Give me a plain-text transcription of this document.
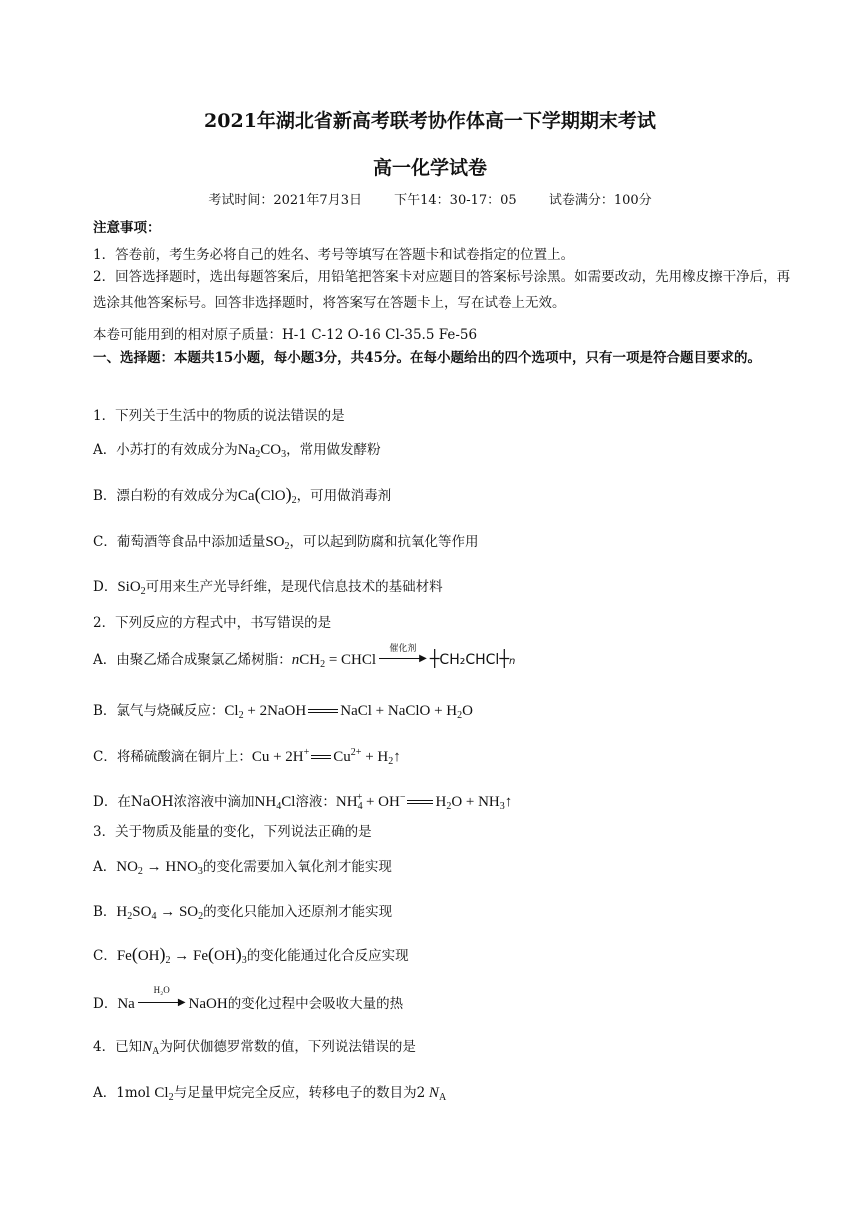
2021年湖北省新高考联考协作体高一下学期期末考试
高一化学试卷
考试时间：2021年7月3日 下午14：30-17：05 试卷满分：100分
注意事项：
1．答卷前，考生务必将自己的姓名、考号等填写在答题卡和试卷指定的位置上。
2．回答选择题时，选出每题答案后，用铅笔把答案卡对应题目的答案标号涂黑。如需要改动，先用橡皮擦干净后，再选涂其他答案标号。回答非选择题时，将答案写在答题卡上，写在试卷上无效。
本卷可能用到的相对原子质量：H-1 C-12 O-16 Cl-35.5 Fe-56
一、选择题：本题共15小题，每小题3分，共45分。在每小题给出的四个选项中，只有一项是符合题目要求的。
1．下列关于生活中的物质的说法错误的是
A．小苏打的有效成分为$Na_2CO_3$，常用做发酵粉
B．漂白粉的有效成分为$Ca(ClO)_2$，可用做消毒剂
C．葡萄酒等食品中添加适量$SO_2$，可以起到防腐和抗氧化等作用
D．SiO$_2$可用来生产光导纤维，是现代信息技术的基础材料
2．下列反应的方程式中，书写错误的是
A．由聚乙烯合成聚氯乙烯树脂：nCH$_2$ = CHCl
催化剂
▶ ┼CH₂CHCl┼n
B．氯气与烧碱反应：$Cl_2$ + 2NaOH NaCl + NaClO + $H_2O$
C．将稀硫酸滴在铜片上：Cu + 2H+ $Cu^{2+}$ + $H_2↑$
D．在NaOH浓溶液中滴加$NH_4Cl$溶液：$NH_4^+ + OH^-$ $H_2O$ + $NH_3↑$
3．关于物质及能量的变化，下列说法正确的是
A．$NO_2 \to HNO_3$的变化需要加入氧化剂才能实现
B．$H_2SO_4 \to SO_2$的变化只能加入还原剂才能实现
C．$Fe(OH)_2 \to Fe(OH)_3$的变化能通过化合反应实现
D．Na
H₂O
▶ NaOH的变化过程中会吸收大量的热
4．已知$N_A$为阿伏伽德罗常数的值，下列说法错误的是
A．1mol $Cl_2$与足量甲烷完全反应，转移电子的数目为2 $N_A$
